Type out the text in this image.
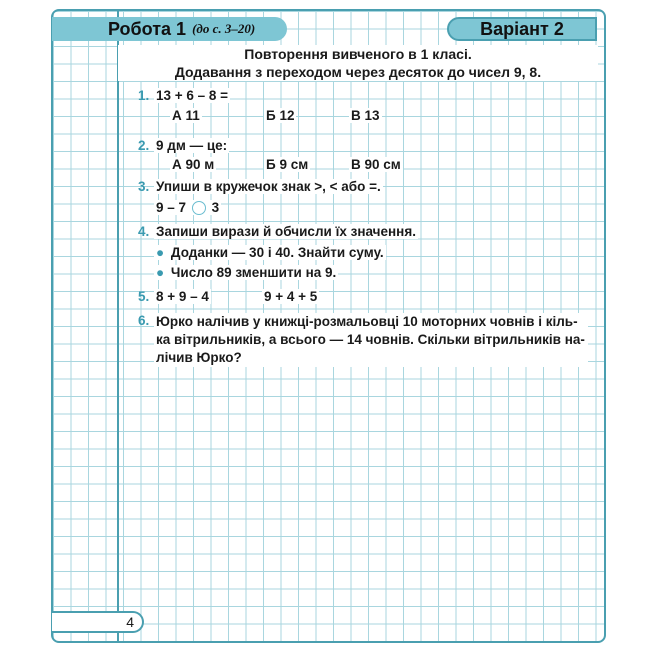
Робота 1 (до с. 3–20)	Варіант 2
Повторення вивченого в 1 класі.
Додавання з переходом через десяток до чисел 9, 8.
1. 13 + 6 – 8 =
А 11	Б 12	В 13
2. 9 дм — це:
А 90 м	Б 9 см	В 90 см
3. Упиши в кружечок знак >, < або =.
9 – 7 3
4. Запиши вирази й обчисли їх значення.
● Доданки — 30 і 40. Знайти суму.
● Число 89 зменшити на 9.
5. 8 + 9 – 4	9 + 4 + 5
6. Юрко налічив у книжці-розмальовці 10 моторних човнів і кіль-
ка вітрильників, а всього — 14 човнів. Скільки вітрильників на-
лічив Юрко?
4
